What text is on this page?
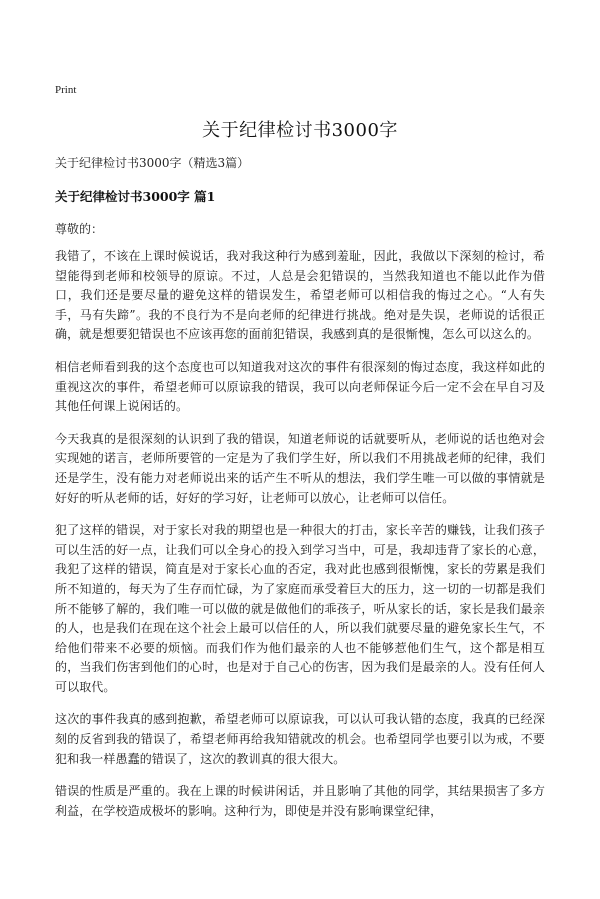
Print
关于纪律检讨书3000字
关于纪律检讨书3000字（精选3篇）
关于纪律检讨书3000字 篇1
尊敬的：

我错了，不该在上课时候说话，我对我这种行为感到羞耻，因此，我做以下深刻的检讨，希望能得到老师和校领导的原谅。不过，人总是会犯错误的，当然我知道也不能以此作为借口，我们还是要尽量的避免这样的错误发生，希望老师可以相信我的悔过之心。“人有失手，马有失蹄”。我的不良行为不是向老师的纪律进行挑战。绝对是失误，老师说的话很正确，就是想要犯错误也不应该再您的面前犯错误，我感到真的是很惭愧，怎么可以这么的。

相信老师看到我的这个态度也可以知道我对这次的事件有很深刻的悔过态度，我这样如此的重视这次的事件，希望老师可以原谅我的错误，我可以向老师保证今后一定不会在早自习及其他任何课上说闲话的。

今天我真的是很深刻的认识到了我的错误，知道老师说的话就要听从，老师说的话也绝对会实现她的诺言，老师所要管的一定是为了我们学生好，所以我们不用挑战老师的纪律，我们还是学生，没有能力对老师说出来的话产生不听从的想法，我们学生唯一可以做的事情就是好好的听从老师的话，好好的学习好，让老师可以放心，让老师可以信任。

犯了这样的错误，对于家长对我的期望也是一种很大的打击，家长辛苦的赚钱，让我们孩子可以生活的好一点，让我们可以全身心的投入到学习当中，可是，我却违背了家长的心意，我犯了这样的错误，简直是对于家长心血的否定，我对此也感到很惭愧，家长的劳累是我们所不知道的，每天为了生存而忙碌，为了家庭而承受着巨大的压力，这一切的一切都是我们所不能够了解的，我们唯一可以做的就是做他们的乖孩子，听从家长的话，家长是我们最亲的人，也是我们在现在这个社会上最可以信任的人，所以我们就要尽量的避免家长生气，不给他们带来不必要的烦恼。而我们作为他们最亲的人也不能够惹他们生气，这个都是相互的，当我们伤害到他们的心时，也是对于自己心的伤害，因为我们是最亲的人。没有任何人可以取代。

这次的事件我真的感到抱歉，希望老师可以原谅我，可以认可我认错的态度，我真的已经深刻的反省到我的错误了，希望老师再给我知错就改的机会。也希望同学也要引以为戒，不要犯和我一样愚蠢的错误了，这次的教训真的很大很大。

错误的性质是严重的。我在上课的时候讲闲话，并且影响了其他的同学，其结果损害了多方利益，在学校造成极坏的影响。这种行为，即使是并没有影响课堂纪律，
